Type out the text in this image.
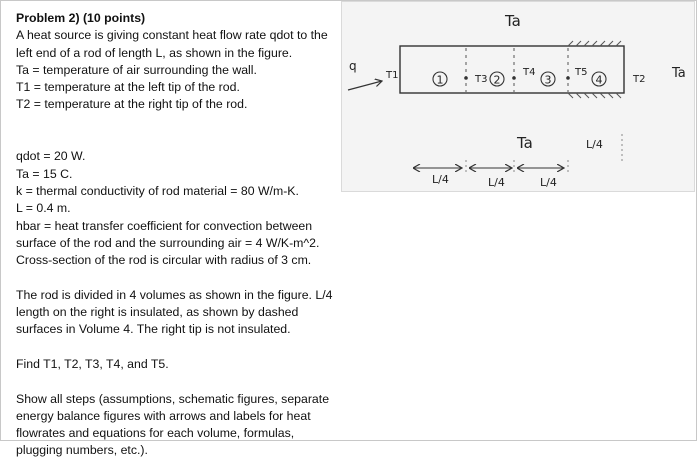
Problem 2) (10 points)
A heat source is giving constant heat flow rate qdot to the
left end of a rod of length L, as shown in the figure.
Ta = temperature of air surrounding the wall.
T1 = temperature at the left tip of the rod.
T2 = temperature at the right tip of the rod.
qdot = 20 W.
Ta = 15 C.
k = thermal conductivity of rod material = 80 W/m-K.
L = 0.4 m.
hbar = heat transfer coefficient for convection between
surface of the rod and the surrounding air = 4 W/K-m^2.
Cross-section of the rod is circular with radius of 3 cm.
The rod is divided in 4 volumes as shown in the figure. L/4
length on the right is insulated, as shown by dashed
surfaces in Volume 4. The right tip is not insulated.
Find T1, T2, T3, T4, and T5.
Show all steps (assumptions, schematic figures, separate
energy balance figures with arrows and labels for heat
flowrates and equations for each volume, formulas,
plugging numbers, etc.).
Ta
Ta
Ta
q
1	2	3	4
T1	T3
T4	T5
T2
L/4	L/4	L/4
L/4
